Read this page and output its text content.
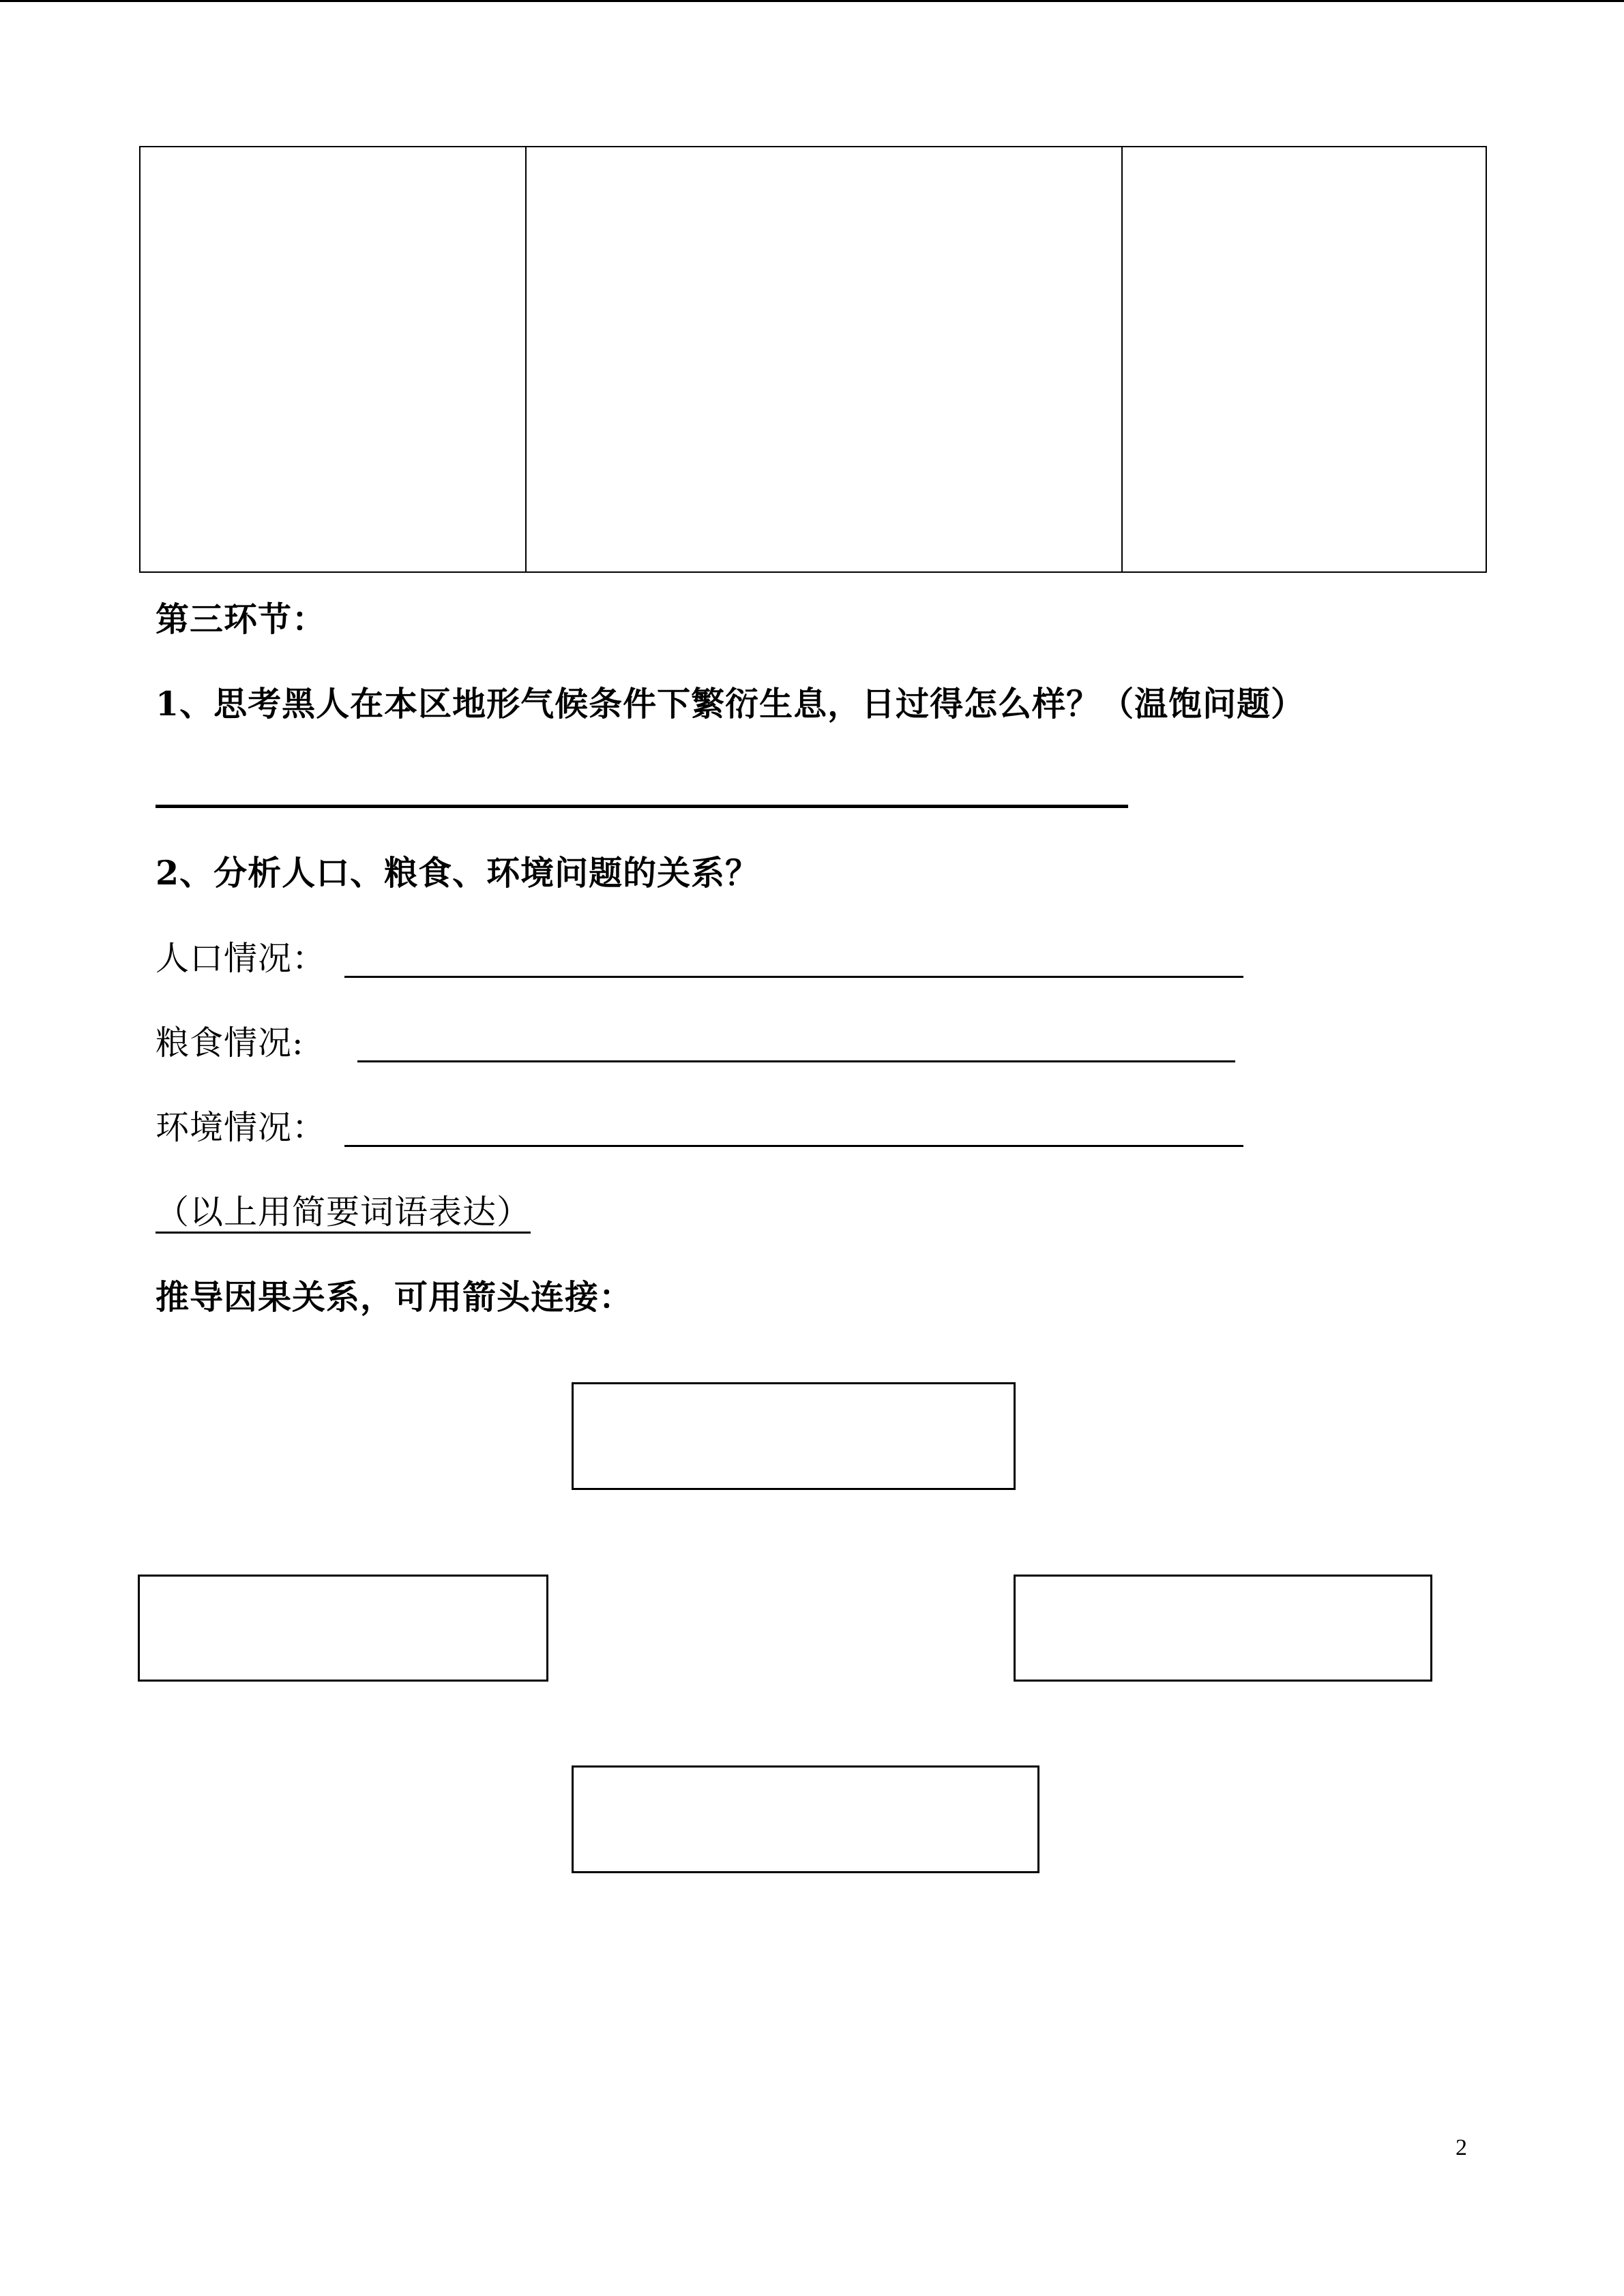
第三环节：
1、思考黑人在本区地形气候条件下繁衍生息，日过得怎么样？（温饱问题）
2、分析人口、粮食、环境问题的关系？
人口情况：
粮食情况:
环境情况：
（以上用简要词语表达）
推导因果关系，可用箭头连接：
2
